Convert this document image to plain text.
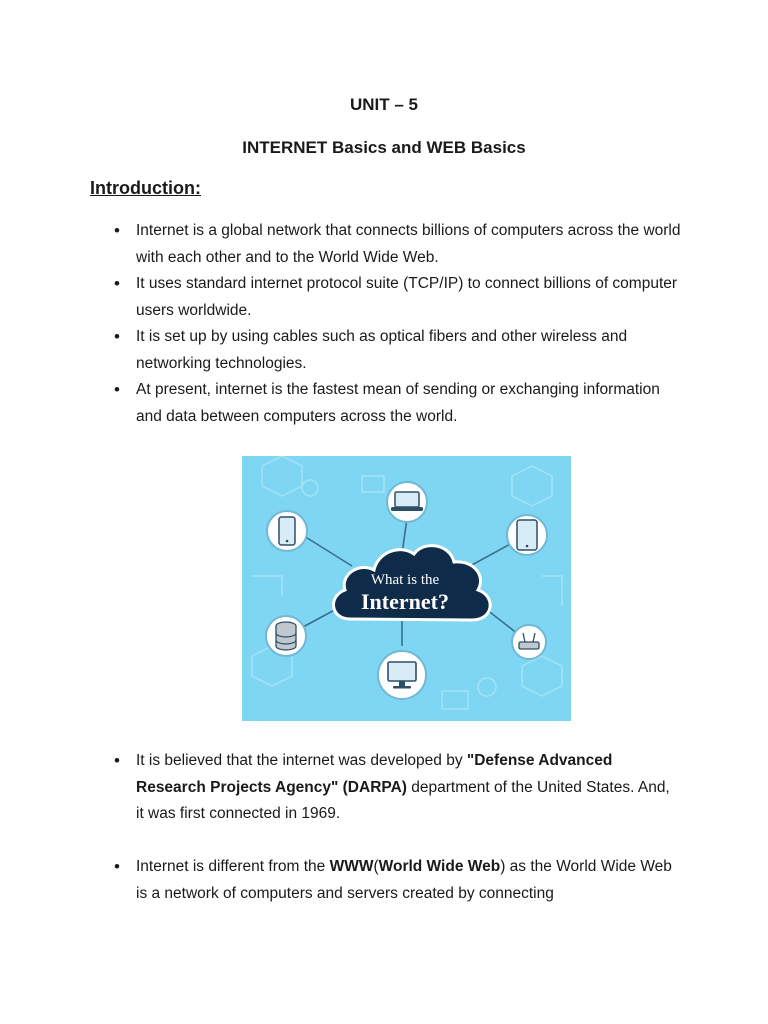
UNIT – 5
INTERNET Basics and WEB Basics
Introduction:
• Internet is a global network that connects billions of computers across the world with each other and to the World Wide Web.
• It uses standard internet protocol suite (TCP/IP) to connect billions of computer users worldwide.
• It is set up by using cables such as optical fibers and other wireless and networking technologies.
• At present, internet is the fastest mean of sending or exchanging information and data between computers across the world.
What is the
Internet?
• It is believed that the internet was developed by "Defense Advanced Research Projects Agency" (DARPA) department of the United States. And, it was first connected in 1969.
• Internet is different from the WWW(World Wide Web) as the World Wide Web is a network of computers and servers created by connecting
